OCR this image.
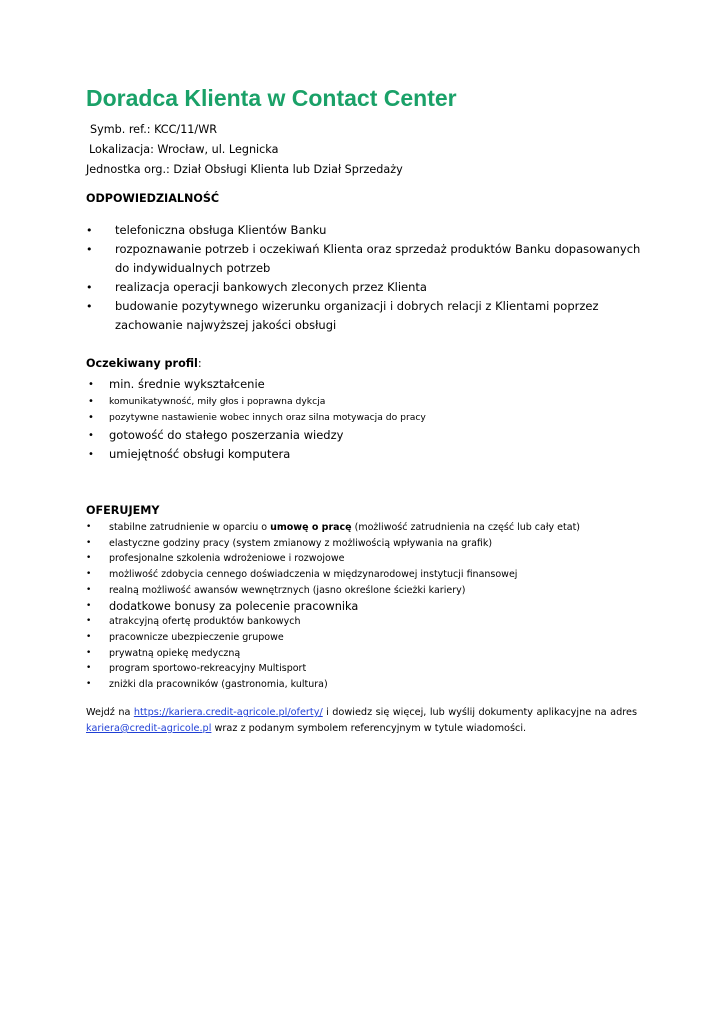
Doradca Klienta w Contact Center
Symb. ref.: KCC/11/WR
Lokalizacja: Wrocław, ul. Legnicka
Jednostka org.: Dział Obsługi Klienta lub Dział Sprzedaży
ODPOWIEDZIALNOŚĆ
• telefoniczna obsługa Klientów Banku
• rozpoznawanie potrzeb i oczekiwań Klienta oraz sprzedaż produktów Banku dopasowanych
do indywidualnych potrzeb
• realizacja operacji bankowych zleconych przez Klienta
• budowanie pozytywnego wizerunku organizacji i dobrych relacji z Klientami poprzez
zachowanie najwyższej jakości obsługi
Oczekiwany profil:
• min. średnie wykształcenie
• komunikatywność, miły głos i poprawna dykcja
• pozytywne nastawienie wobec innych oraz silna motywacja do pracy
• gotowość do stałego poszerzania wiedzy
• umiejętność obsługi komputera
OFERUJEMY
• stabilne zatrudnienie w oparciu o umowę o pracę (możliwość zatrudnienia na część lub cały etat)
• elastyczne godziny pracy (system zmianowy z możliwością wpływania na grafik)
• profesjonalne szkolenia wdrożeniowe i rozwojowe
• możliwość zdobycia cennego doświadczenia w międzynarodowej instytucji finansowej
• realną możliwość awansów wewnętrznych (jasno określone ścieżki kariery)
• dodatkowe bonusy za polecenie pracownika
• atrakcyjną ofertę produktów bankowych
• pracownicze ubezpieczenie grupowe
• prywatną opiekę medyczną
• program sportowo-rekreacyjny Multisport
• zniżki dla pracowników (gastronomia, kultura)
Wejdź na https://kariera.credit-agricole.pl/oferty/ i dowiedz się więcej, lub wyślij dokumenty aplikacyjne na adres kariera@credit-agricole.pl wraz z podanym symbolem referencyjnym w tytule wiadomości.
